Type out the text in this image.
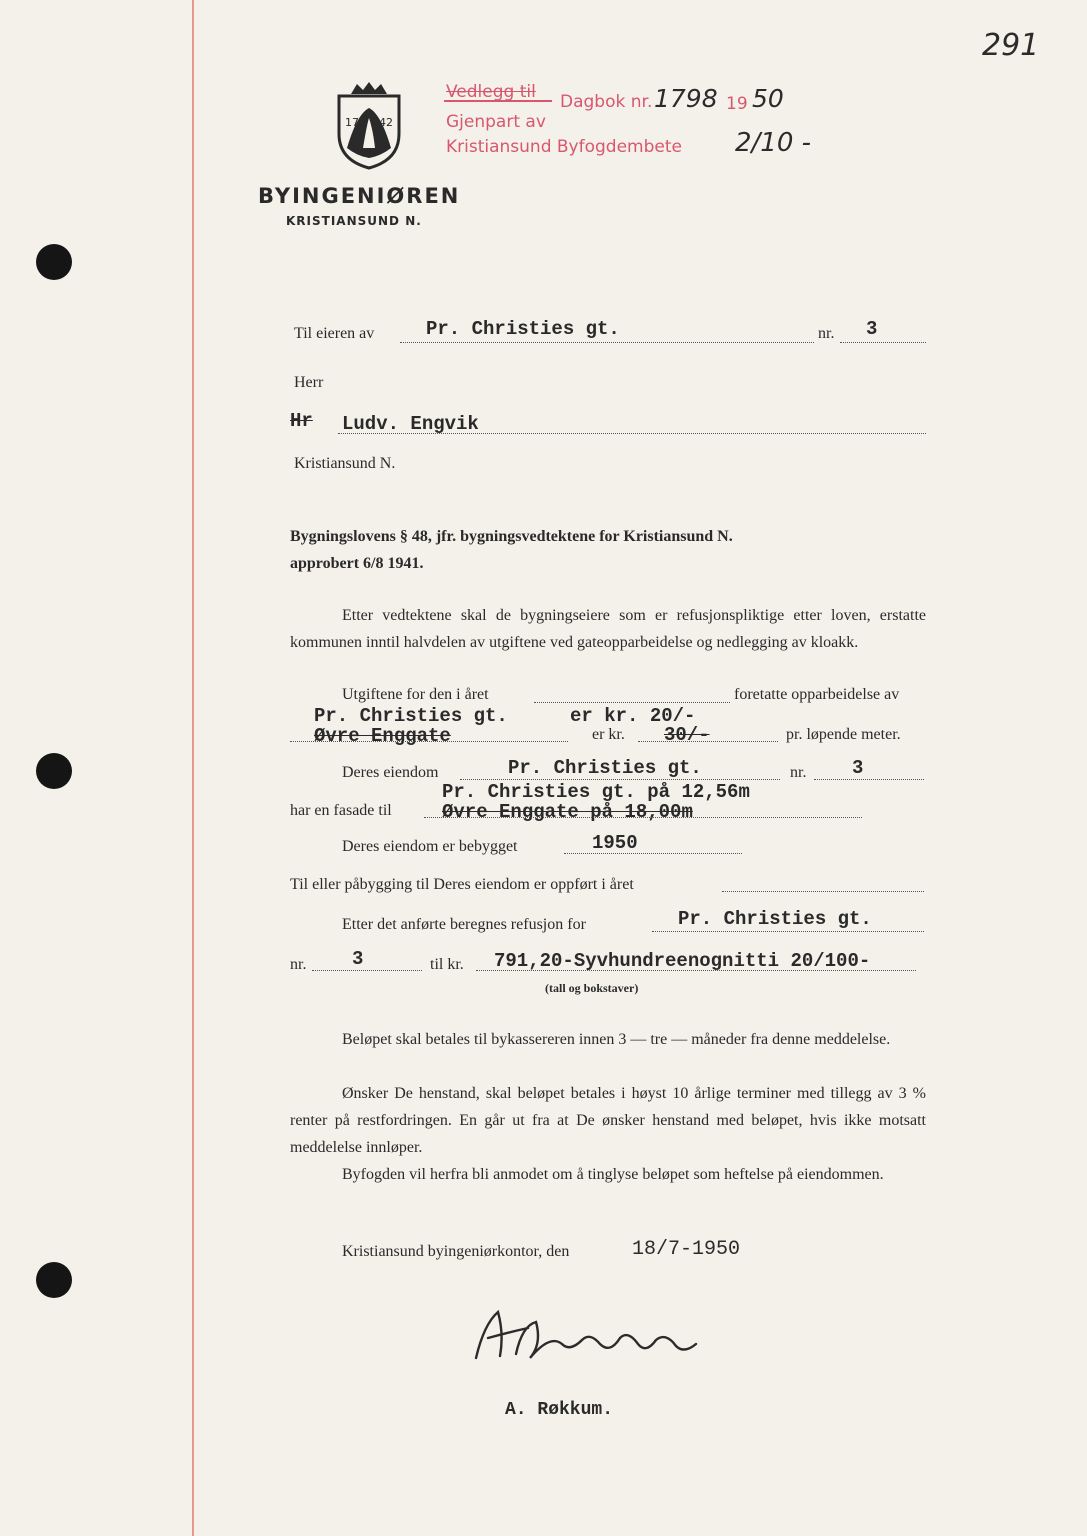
291
17 42
BYINGENIØREN
KRISTIANSUND N.
Vedlegg til Dagbok nr. 1798 19 50
Gjenpart av
Kristiansund Byfogdembete 2/10 -
Til eieren av	Pr. Christies gt.	nr. 3
Herr
Hr Ludv. Engvik
Kristiansund N.
Bygningslovens § 48, jfr. bygningsvedtektene for Kristiansund N.
approbert 6/8 1941.

Etter vedtektene skal de bygningseiere som er refusjonspliktige etter loven, erstatte kommunen inntil halvdelen av utgiftene ved gateopparbeidelse og nedlegging av kloakk.

Utgiftene for den i året	foretatte opparbeidelse av
Pr. Christies gt.	er kr. 20/-
Øvre Enggate	er kr. 30/-	pr. løpende meter.
Deres eiendom	Pr. Christies gt.	nr. 3
har en fasade til
Pr. Christies gt. på 12,56m
Øvre Enggate på 18,00m
Deres eiendom er bebygget	1950
Til eller påbygging til Deres eiendom er oppført i året
Etter det anførte beregnes refusjon for	Pr. Christies gt.
nr. 3	til kr. 791,20-Syvhundreenognitti 20/100-
(tall og bokstaver)

Beløpet skal betales til bykassereren innen 3 — tre — måneder fra denne meddelelse.

Ønsker De henstand, skal beløpet betales i høyst 10 årlige terminer med tillegg av 3 % renter på restfordringen. En går ut fra at De ønsker henstand med beløpet, hvis ikke motsatt meddelelse innløper.

Byfogden vil herfra bli anmodet om å tinglyse beløpet som heftelse på eiendommen.

Kristiansund byingeniørkontor, den	18/7-1950
A. Røkkum.
